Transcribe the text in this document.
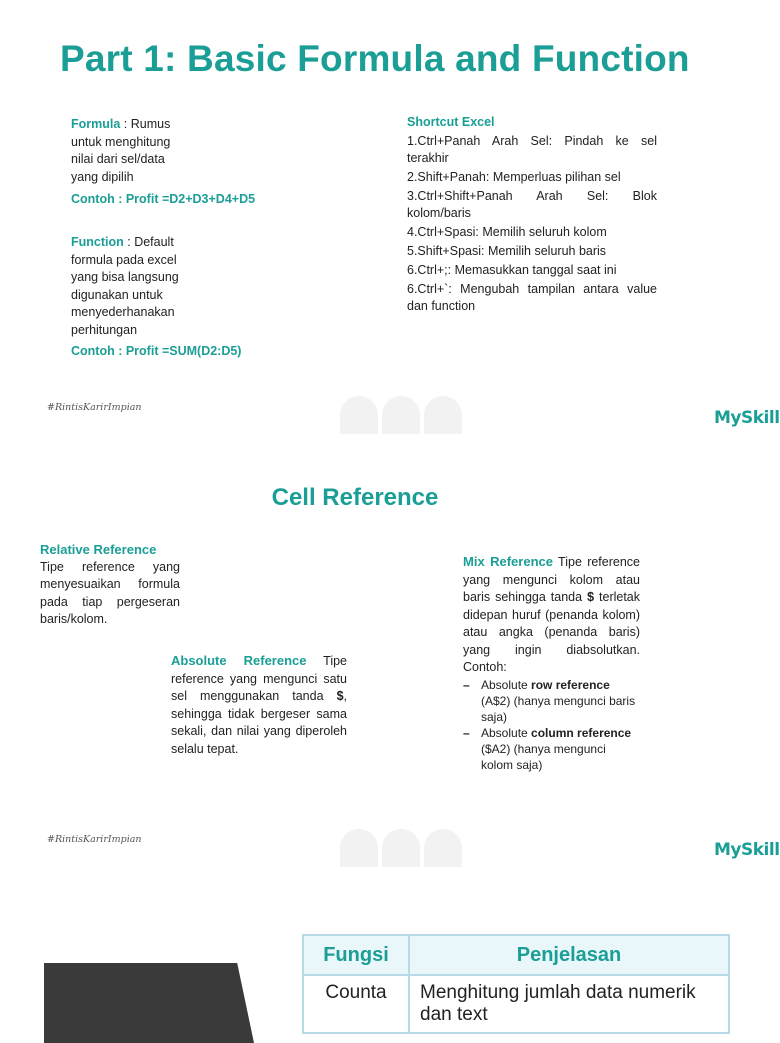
Part 1: Basic Formula and Function
Formula : Rumus
untuk menghitung
nilai dari sel/data
yang dipilih
Contoh : Profit =D2+D3+D4+D5
Function : Default
formula pada excel
yang bisa langsung
digunakan untuk
menyederhanakan
perhitungan
Contoh : Profit =SUM(D2:D5)
Shortcut Excel
1.Ctrl+Panah Arah Sel: Pindah ke sel terakhir
2.Shift+Panah: Memperluas pilihan sel
3.Ctrl+Shift+Panah Arah Sel: Blok kolom/baris
4.Ctrl+Spasi: Memilih seluruh kolom
5.Shift+Spasi: Memilih seluruh baris
6.Ctrl+;: Memasukkan tanggal saat ini
6.Ctrl+`: Mengubah tampilan antara value dan function
#RintisKarirImpian
MySkill
Cell Reference
Relative Reference
Tipe reference yang menyesuaikan formula pada tiap pergeseran baris/kolom.
Absolute Reference Tipe reference yang mengunci satu sel menggunakan tanda $, sehingga tidak bergeser sama sekali, dan nilai yang diperoleh selalu tepat.
Mix Reference Tipe reference yang mengunci kolom atau baris sehingga tanda $ terletak didepan huruf (penanda kolom) atau angka (penanda baris) yang ingin diabsolutkan. Contoh:
– Absolute row reference (A$2) (hanya mengunci baris saja)
– Absolute column reference ($A2) (hanya mengunci kolom saja)
#RintisKarirImpian
MySkill
Fungsi	Penjelasan
Counta	Menghitung jumlah data numerik dan text
